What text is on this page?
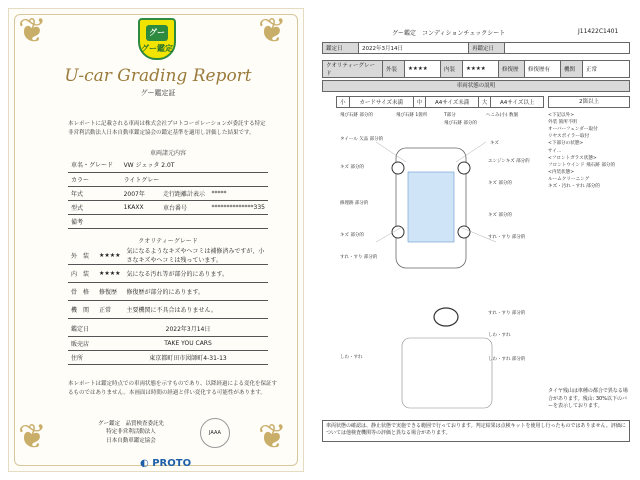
❦	❦
❦	❦
グー
グー鑑定
U-car Grading Report
グー鑑定証
本レポートに記載される車両は株式会社プロトコーポレーションが委託する特定非営利活動法人日本自動車鑑定協会の鑑定基準を適用し評価した結果です。
車両諸元内容
車名・グレード	VW ジェッタ 2.0T		
カラー	ライトグレー		
年式	2007年	走行距離計表示	*****
型式	1KAXX	車台番号	**************335
備考			
クオリティーグレード
外　装	★★★★	気になるようなキズやヘコミは補修済みですが、小さなキズやヘコミは残っています。
内　装	★★★★	気になる汚れ等が部分的にあります。
骨　格	修復歴	修復歴が部分的にあります。
機　関	正常	主要機関に不具合はありません。
鑑定日	2022年3月14日
販売店	TAKE YOU CARS
住所	東京都町田市図師町4-31-13
本レポートは鑑定時点での車両状態を示すものであり、以降経過による変化を保証するものではありません。本画面は時間の経過と伴い変化する可能性があります。
グー鑑定　品質検査委託先
特定非営利活動法人
日本自動車鑑定協会
JAAA
◐ PROTO
グー鑑定　コンディションチェックシート	J11422C1401
鑑定日	2022年3月14日	再鑑定日	
クオリティーグレード	外装	★★★★	内装	★★★★	修復歴	修復歴有	機関	正常
車両状態の説明
小	カードサイズ未満	中	A4サイズ未満	大	A4サイズ以上	2箇以上
<下記以外>
外装 箇所不明
オーバーフェンダー取付
リヤスポイラー取付
<下部分の状態>
サイ…
<フロントガラス状態>
フロントウインド 飛石跡 部分的
<内装状態>
ルームクリーニング
キズ・汚れ・すれ 部分的
飛び石跡 部分的	飛び石跡 1箇所	T部分
飛び石跡 部分的
へこみ(小) 数個
タイール 欠品 部分的
キズ
キズ 部分的
エンジンキズ 部分的
キズ 部分的
修理跡 部分的
キズ 部分的
キズ 部分的
すれ・すり 部分的
すれ・すり 部分的
すれ・すり 部分的
しわ・すれ
しわ・すれ
しわ・すれ 部分的
タイヤ残山は車種の都合で異なる場合があります。残山: 30%以下のバーを表示しております。
車両状態の確認は、静止状態で実施できる範囲で行っております。判定結果は点検キットを使用し行ったものではありません。評価については他検査機関等の評価と異なる場合があります。
